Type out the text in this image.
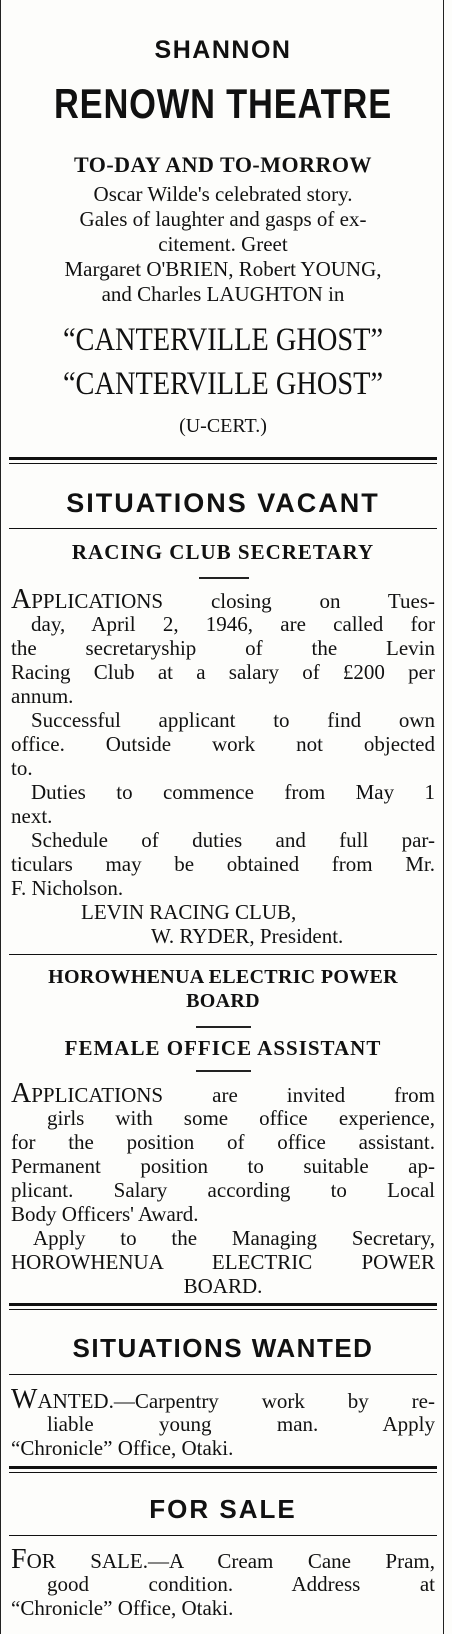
SHANNON
RENOWN THEATRE
TO-DAY AND TO-MORROW
Oscar Wilde's celebrated story.
Gales of laughter and gasps of ex-
citement. Greet
Margaret O'BRIEN, Robert YOUNG,
and Charles LAUGHTON in
“CANTERVILLE GHOST”
“CANTERVILLE GHOST”
(U-CERT.)
SITUATIONS VACANT
RACING CLUB SECRETARY
APPLICATIONS closing on Tues-
day, April 2, 1946, are called for
the secretaryship of the Levin
Racing Club at a salary of £200 per
annum.
Successful applicant to find own
office. Outside work not objected
to.
Duties to commence from May 1
next.
Schedule of duties and full par-
ticulars may be obtained from Mr.
F. Nicholson.
LEVIN RACING CLUB,
W. RYDER, President.
HOROWHENUA ELECTRIC POWER
BOARD
FEMALE OFFICE ASSISTANT
APPLICATIONS are invited from
girls with some office experience,
for the position of office assistant.
Permanent position to suitable ap-
plicant. Salary according to Local
Body Officers' Award.
Apply to the Managing Secretary,
HOROWHENUA ELECTRIC POWER
BOARD.
SITUATIONS WANTED
WANTED.—Carpentry work by re-
liable young man. Apply
“Chronicle” Office, Otaki.
FOR SALE
FOR SALE.—A Cream Cane Pram,
good condition. Address at
“Chronicle” Office, Otaki.
